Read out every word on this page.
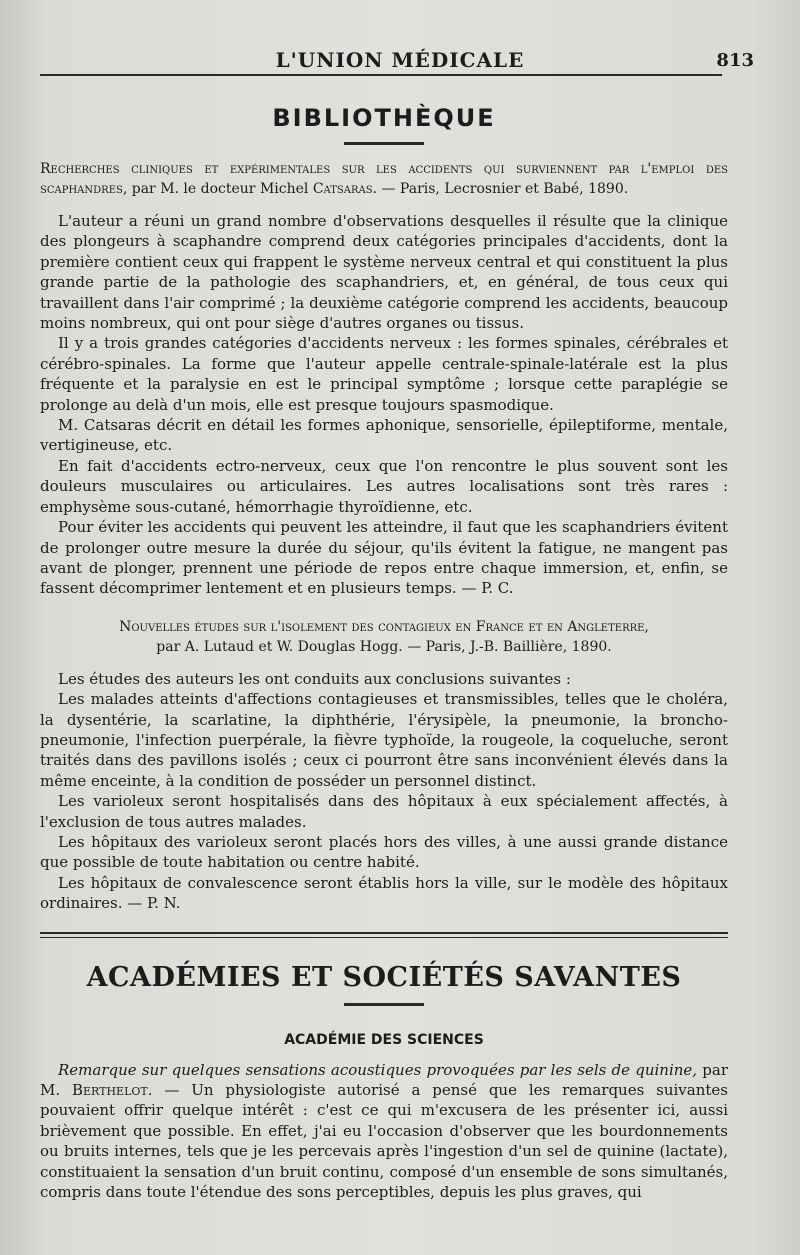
L'UNION MÉDICALE	813
BIBLIOTHÈQUE
Recherches cliniques et expérimentales sur les accidents qui surviennent par l'emploi des scaphandres, par M. le docteur Michel Catsaras. — Paris, Lecrosnier et Babé, 1890.

L'auteur a réuni un grand nombre d'observations desquelles il résulte que la clinique des plongeurs à scaphandre comprend deux catégories principales d'accidents, dont la première contient ceux qui frappent le système nerveux central et qui constituent la plus grande partie de la pathologie des scaphandriers, et, en général, de tous ceux qui travaillent dans l'air comprimé ; la deuxième catégorie comprend les accidents, beaucoup moins nombreux, qui ont pour siège d'autres organes ou tissus.

Il y a trois grandes catégories d'accidents nerveux : les formes spinales, cérébrales et cérébro-spinales. La forme que l'auteur appelle centrale-spinale-latérale est la plus fréquente et la paralysie en est le principal symptôme ; lorsque cette paraplégie se prolonge au delà d'un mois, elle est presque toujours spasmodique.

M. Catsaras décrit en détail les formes aphonique, sensorielle, épileptiforme, mentale, vertigineuse, etc.

En fait d'accidents ectro-nerveux, ceux que l'on rencontre le plus souvent sont les douleurs musculaires ou articulaires. Les autres localisations sont très rares : emphysème sous-cutané, hémorrhagie thyroïdienne, etc.

Pour éviter les accidents qui peuvent les atteindre, il faut que les scaphandriers évitent de prolonger outre mesure la durée du séjour, qu'ils évitent la fatigue, ne mangent pas avant de plonger, prennent une période de repos entre chaque immersion, et, enfin, se fassent décomprimer lentement et en plusieurs temps. — P. C.

Nouvelles études sur l'isolement des contagieux en France et en Angleterre,
par A. Lutaud et W. Douglas Hogg. — Paris, J.-B. Baillière, 1890.

Les études des auteurs les ont conduits aux conclusions suivantes :

Les malades atteints d'affections contagieuses et transmissibles, telles que le choléra, la dysentérie, la scarlatine, la diphthérie, l'érysipèle, la pneumonie, la broncho-pneumonie, l'infection puerpérale, la fièvre typhoïde, la rougeole, la coqueluche, seront traités dans des pavillons isolés ; ceux ci pourront être sans inconvénient élevés dans la même enceinte, à la condition de posséder un personnel distinct.

Les varioleux seront hospitalisés dans des hôpitaux à eux spécialement affectés, à l'exclusion de tous autres malades.

Les hôpitaux des varioleux seront placés hors des villes, à une aussi grande distance que possible de toute habitation ou centre habité.

Les hôpitaux de convalescence seront établis hors la ville, sur le modèle des hôpitaux ordinaires. — P. N.

ACADÉMIES ET SOCIÉTÉS SAVANTES
ACADÉMIE DES SCIENCES

Remarque sur quelques sensations acoustiques provoquées par les sels de quinine, par M. Berthelot. — Un physiologiste autorisé a pensé que les remarques suivantes pouvaient offrir quelque intérêt : c'est ce qui m'excusera de les présenter ici, aussi brièvement que possible. En effet, j'ai eu l'occasion d'observer que les bourdonnements ou bruits internes, tels que je les percevais après l'ingestion d'un sel de quinine (lactate), constituaient la sensation d'un bruit continu, composé d'un ensemble de sons simultanés, compris dans toute l'étendue des sons perceptibles, depuis les plus graves, qui
